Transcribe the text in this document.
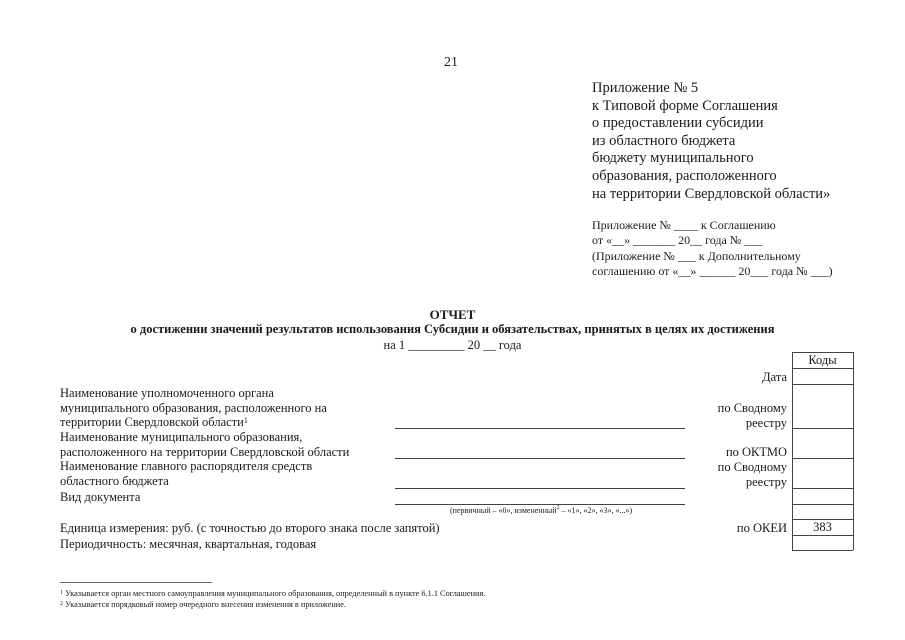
21
Приложение № 5
к Типовой форме Соглашения
о предоставлении субсидии
из областного бюджета
бюджету муниципального
образования, расположенного
на территории Свердловской области»
Приложение № ____ к Соглашению
от «__» _______ 20__ года № ___
(Приложение № ___ к Дополнительному
соглашению от «__» ______ 20___ года № ___)
ОТЧЕТ
о достижении значений результатов использования Субсидии и обязательствах, принятых в целях их достижения
на 1 _________ 20 __ года
Наименование уполномоченного органа
муниципального образования, расположенного на
территории Свердловской области$^1$
Наименование муниципального образования,
расположенного на территории Свердловской области
Наименование главного распорядителя средств
областного бюджета
Вид документа
Единица измерения: руб. (с точностью до второго знака после запятой)
Периодичность: месячная, квартальная, годовая
(первичный – «0», измененный$^2$ – «1», «2», «3», «...»)
Дата
по Сводному
реестру
по ОКТМО
по Сводному
реестру
по ОКЕИ
Коды
383
$^1$ Указывается орган местного самоуправления муниципального образования, определенный в пункте 6.1.1 Соглашения.
$^2$ Указывается порядковый номер очередного внесения изменения в приложение.
